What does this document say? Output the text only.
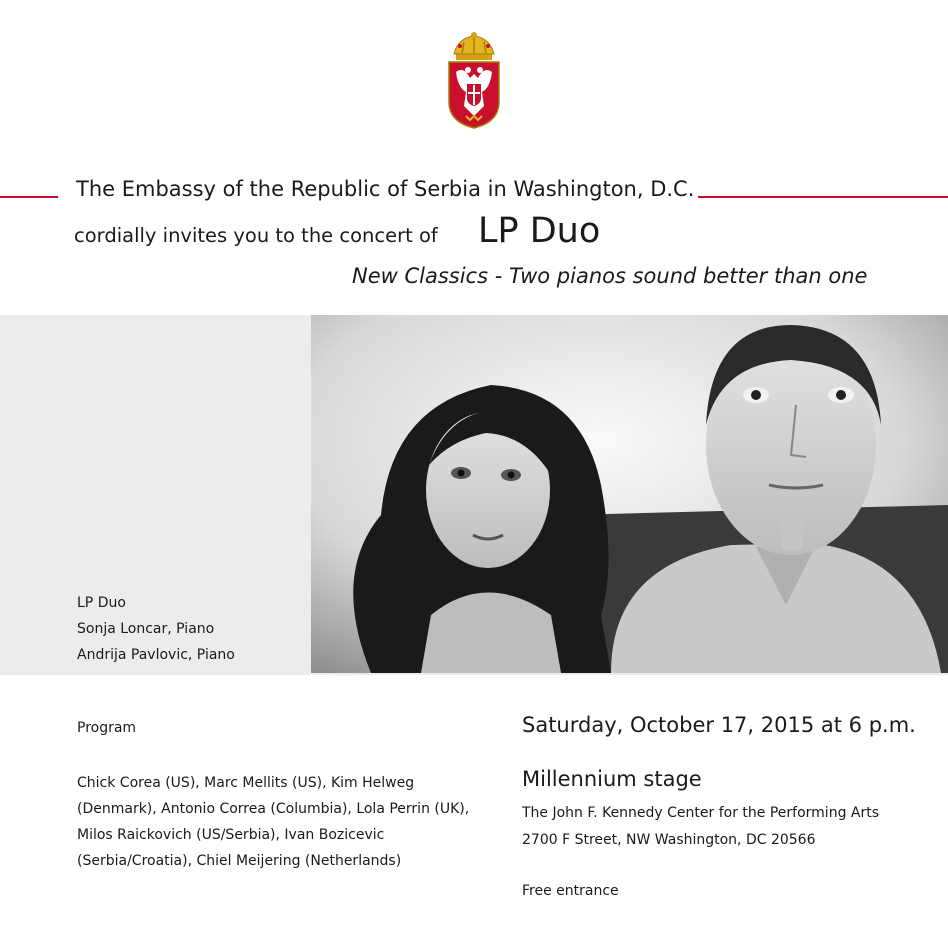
The Embassy of the Republic of Serbia in Washington, D.C.
cordially invites you to the concert of LP Duo
New Classics - Two pianos sound better than one
LP Duo
Sonja Loncar, Piano
Andrija Pavlovic, Piano
Program
Chick Corea (US), Marc Mellits (US), Kim Helweg (Denmark), Antonio Correa (Columbia), Lola Perrin (UK), Milos Raickovich (US/Serbia), Ivan Bozicevic (Serbia/Croatia), Chiel Meijering (Netherlands)
Saturday, October 17, 2015 at 6 p.m.
Millennium stage
The John F. Kennedy Center for the Performing Arts
2700 F Street, NW Washington, DC 20566
Free entrance
